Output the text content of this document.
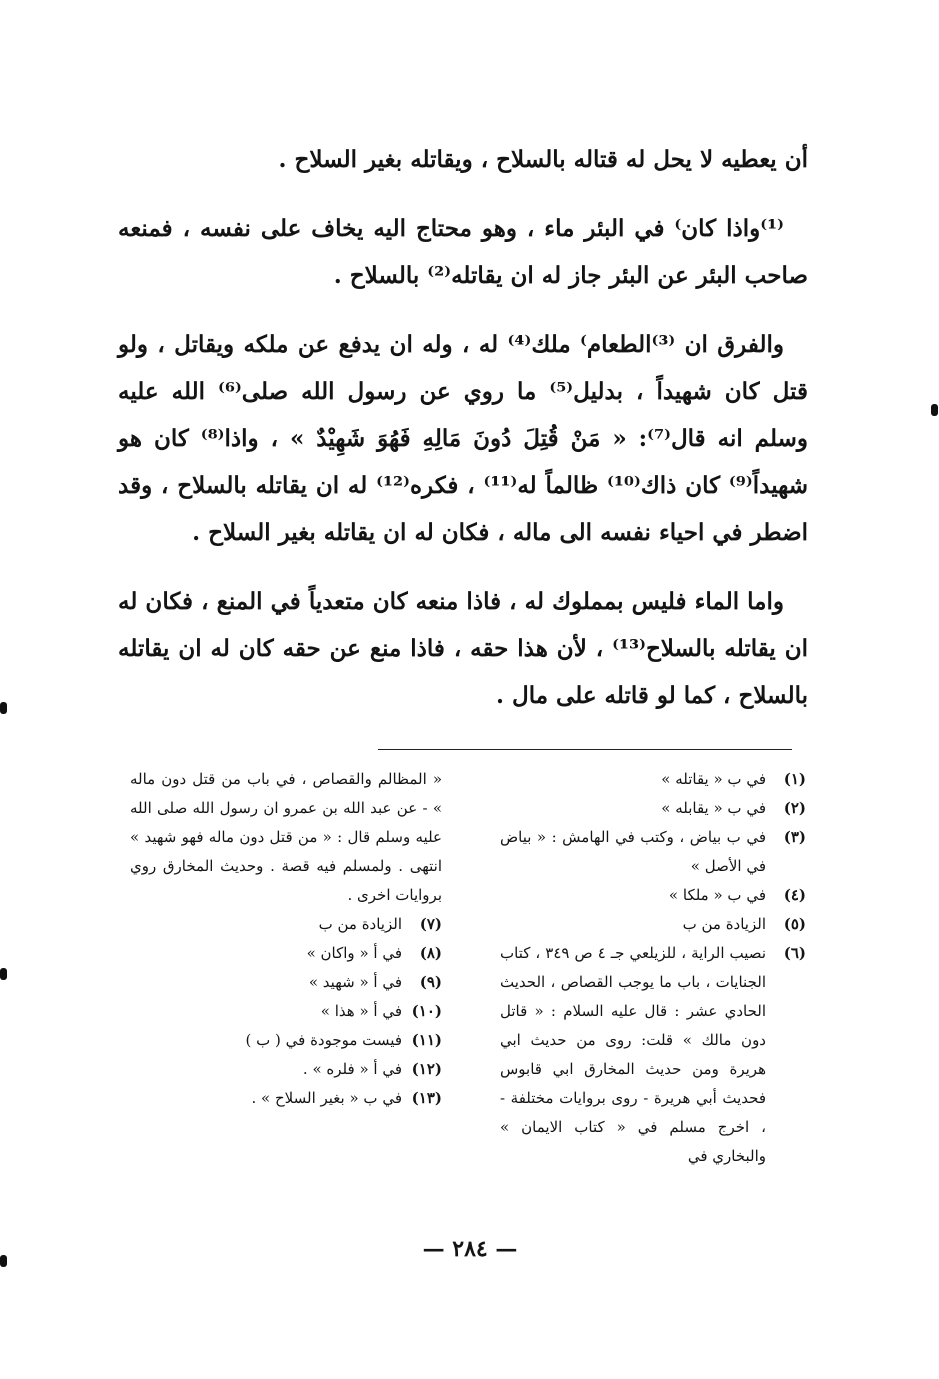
أن يعطيه لا يحل له قتاله بالسلاح ، ويقاتله بغير السلاح .

⁽¹⁾واذا كان⁾ في البئر ماء ، وهو محتاج اليه يخاف على نفسه ، فمنعه صاحب البئر عن البئر جاز له ان يقاتله⁽²⁾ بالسلاح .

والفرق ان ⁽³⁾الطعام⁾ ملك⁽⁴⁾ له ، وله ان يدفع عن ملكه ويقاتل ، ولو قتل كان شهيداً ، بدليل⁽⁵⁾ ما روي عن رسول الله صلى⁽⁶⁾ الله عليه وسلم انه قال⁽⁷⁾: « مَنْ قُتِلَ دُونَ مَالِهِ فَهُوَ شَهِيْدٌ » ، واذا⁽⁸⁾ كان هو شهيداً⁽⁹⁾ كان ذاك⁽¹⁰⁾ ظالماً له⁽¹¹⁾ ، فكره⁽¹²⁾ له ان يقاتله بالسلاح ، وقد اضطر في احياء نفسه الى ماله ، فكان له ان يقاتله بغير السلاح .

واما الماء فليس بمملوك له ، فاذا منعه كان متعدياً في المنع ، فكان له ان يقاتله بالسلاح⁽¹³⁾ ، لأن هذا حقه ، فاذا منع عن حقه كان له ان يقاتله بالسلاح ، كما لو قاتله على مال .

(١)
في ب « يقاتله »
(٢)
في ب « يقابله »
(٣)
في ب بياض ، وكتب في الهامش : « بياض في الأصل »
(٤)
في ب « ملكا »
(٥)
الزيادة من ب
(٦)
نصيب الراية ، للزيلعي جـ ٤ ص ٣٤٩ ، كتاب الجنايات ، باب ما يوجب القصاص ، الحديث الحادي عشر : قال عليه السلام : « قاتل دون مالك » قلت: روى من حديث ابي هريرة ومن حديث المخارق ابي قابوس فحديث أبي هريرة - روى بروايات مختلفة - ، اخرج مسلم في « كتاب الايمان » والبخاري في
« المظالم والقصاص ، في باب من قتل دون ماله » - عن عبد الله بن عمرو ان رسول الله صلى الله عليه وسلم قال : « من قتل دون ماله فهو شهيد » انتهى . ولمسلم فيه قصة . وحديث المخارق روي بروايات اخرى .
(٧)
الزيادة من ب
(٨)
في أ « واكان »
(٩)
في أ « شهيد »
(١٠)
في أ « هذا »
(١١)
فيست موجودة في ( ب )
(١٢)
في أ « فلره » .
(١٣)
في ب « بغير السلاح » .
— ٢٨٤ —
